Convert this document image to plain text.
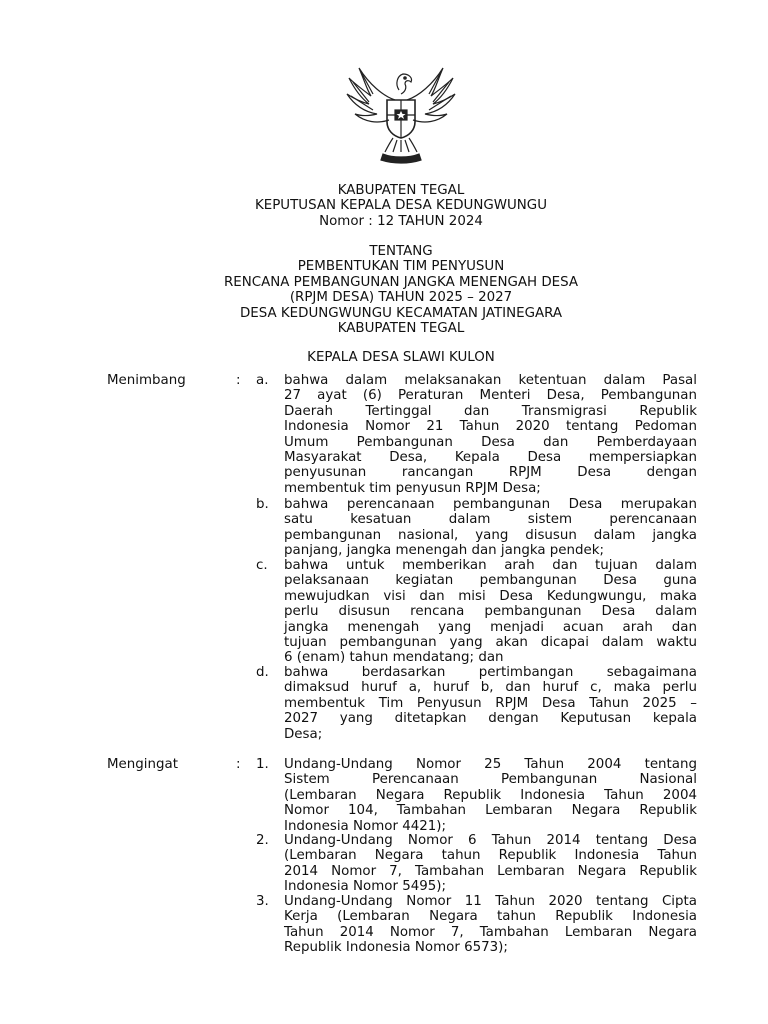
KABUPATEN TEGAL
KEPUTUSAN KEPALA DESA KEDUNGWUNGU
Nomor : 12 TAHUN 2024
TENTANG
PEMBENTUKAN TIM PENYUSUN
RENCANA PEMBANGUNAN JANGKA MENENGAH DESA
(RPJM DESA) TAHUN 2025 – 2027
DESA KEDUNGWUNGU KECAMATAN JATINEGARA
KABUPATEN TEGAL
KEPALA DESA SLAWI KULON
Menimbang	: a. bahwa dalam melaksanakan ketentuan dalam Pasal
27 ayat (6) Peraturan Menteri Desa, Pembangunan
Daerah Tertinggal dan Transmigrasi Republik
Indonesia Nomor 21 Tahun 2020 tentang Pedoman
Umum Pembangunan Desa dan Pemberdayaan
Masyarakat Desa, Kepala Desa mempersiapkan
penyusunan rancangan RPJM Desa dengan
membentuk tim penyusun RPJM Desa;
b. bahwa perencanaan pembangunan Desa merupakan
satu kesatuan dalam sistem perencanaan
pembangunan nasional, yang disusun dalam jangka
panjang, jangka menengah dan jangka pendek;
c. bahwa untuk memberikan arah dan tujuan dalam
pelaksanaan kegiatan pembangunan Desa guna
mewujudkan visi dan misi Desa Kedungwungu, maka
perlu disusun rencana pembangunan Desa dalam
jangka menengah yang menjadi acuan arah dan
tujuan pembangunan yang akan dicapai dalam waktu
6 (enam) tahun mendatang; dan
d. bahwa berdasarkan pertimbangan sebagaimana
dimaksud huruf a, huruf b, dan huruf c, maka perlu
membentuk Tim Penyusun RPJM Desa Tahun 2025 –
2027 yang ditetapkan dengan Keputusan kepala
Desa;
Mengingat	: 1. Undang-Undang Nomor 25 Tahun 2004 tentang
Sistem Perencanaan Pembangunan Nasional
(Lembaran Negara Republik Indonesia Tahun 2004
Nomor 104, Tambahan Lembaran Negara Republik
Indonesia Nomor 4421);
2. Undang-Undang Nomor 6 Tahun 2014 tentang Desa
(Lembaran Negara tahun Republik Indonesia Tahun
2014 Nomor 7, Tambahan Lembaran Negara Republik
Indonesia Nomor 5495);
3. Undang-Undang Nomor 11 Tahun 2020 tentang Cipta
Kerja (Lembaran Negara tahun Republik Indonesia
Tahun 2014 Nomor 7, Tambahan Lembaran Negara
Republik Indonesia Nomor 6573);
